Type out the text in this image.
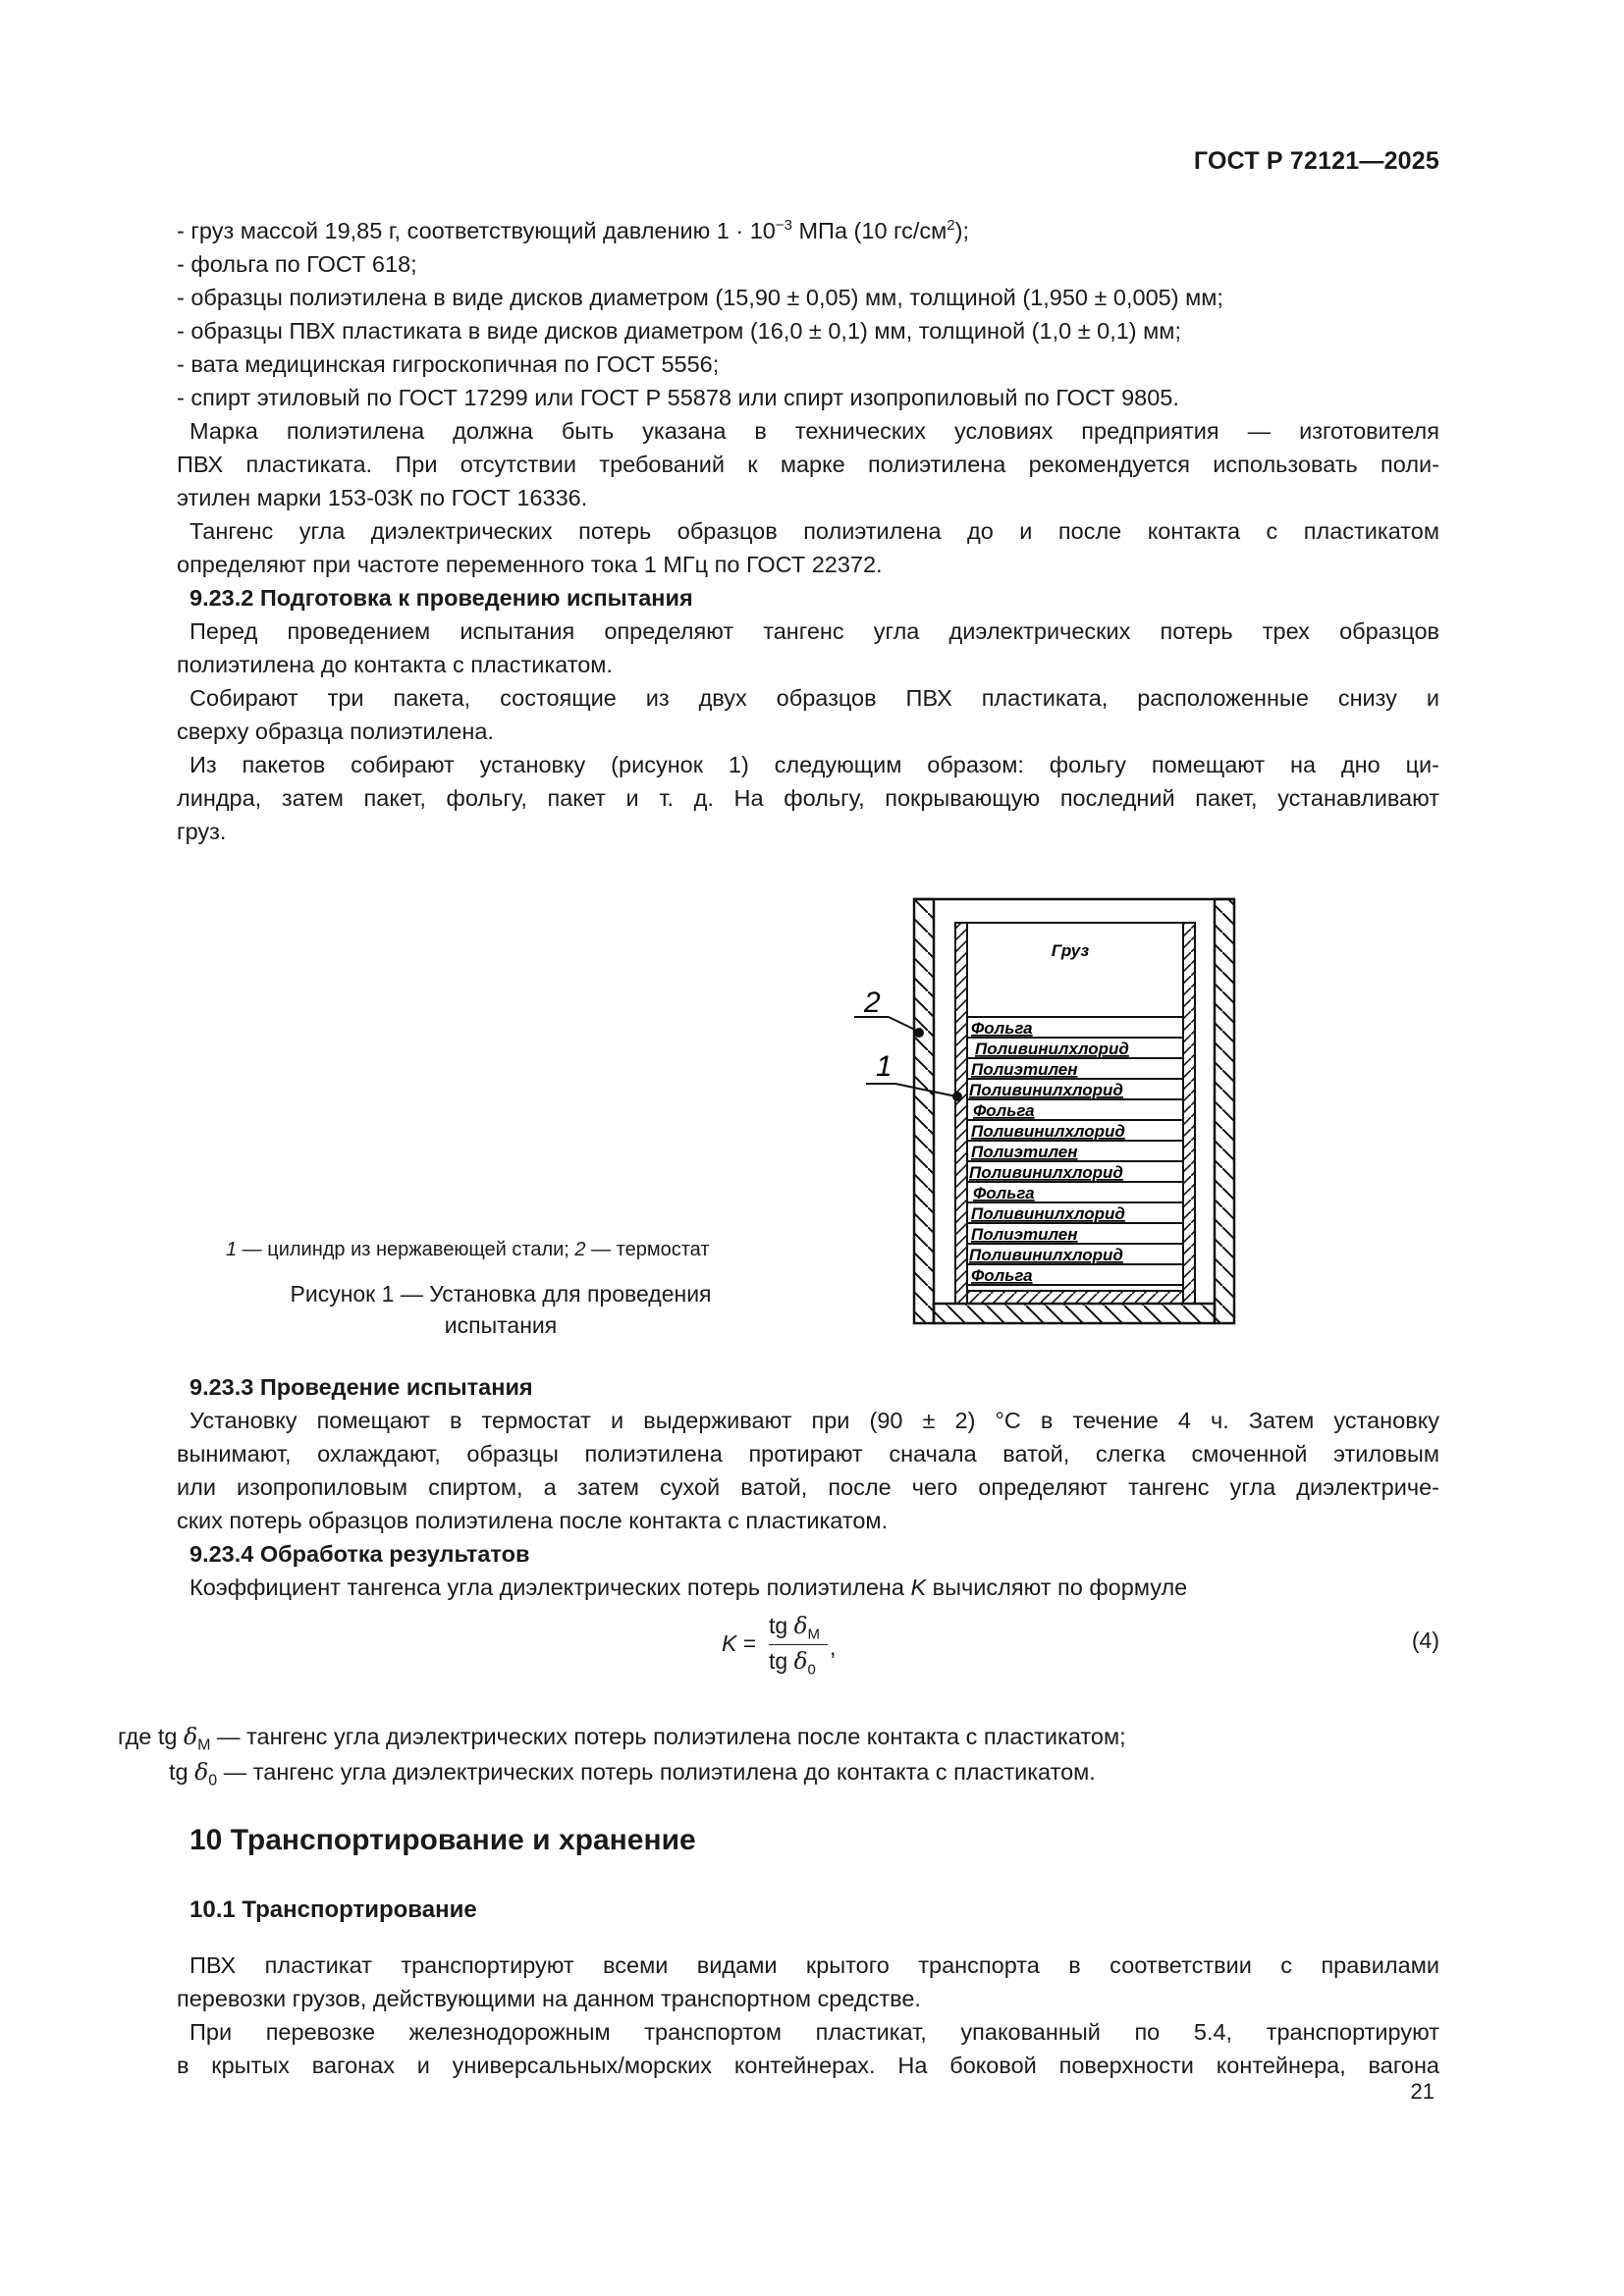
ГОСТ Р 72121—2025
- груз массой 19,85 г, соответствующий давлению $1 \cdot 10^{-3}$ МПа (10 $гс/см^2$);
- фольга по ГОСТ 618;
- образцы полиэтилена в виде дисков диаметром (15,90 ± 0,05) мм, толщиной (1,950 ± 0,005) мм;
- образцы ПВХ пластиката в виде дисков диаметром (16,0 ± 0,1) мм, толщиной (1,0 ± 0,1) мм;
- вата медицинская гигроскопичная по ГОСТ 5556;
- спирт этиловый по ГОСТ 17299 или ГОСТ Р 55878 или спирт изопропиловый по ГОСТ 9805.
Марка полиэтилена должна быть указана в технических условиях предприятия — изготовителя
ПВХ пластиката. При отсутствии требований к марке полиэтилена рекомендуется использовать поли-
этилен марки 153-03К по ГОСТ 16336.
Тангенс угла диэлектрических потерь образцов полиэтилена до и после контакта с пластикатом
определяют при частоте переменного тока 1 МГц по ГОСТ 22372.
9.23.2 Подготовка к проведению испытания
Перед проведением испытания определяют тангенс угла диэлектрических потерь трех образцов
полиэтилена до контакта с пластикатом.
Собирают три пакета, состоящие из двух образцов ПВХ пластиката, расположенные снизу и
сверху образца полиэтилена.
Из пакетов собирают установку (рисунок 1) следующим образом: фольгу помещают на дно ци-
линдра, затем пакет, фольгу, пакет и т. д. На фольгу, покрывающую последний пакет, устанавливают
груз.
Груз
Фольга
Поливинилхлорид
Полиэтилен
Поливинилхлорид
Фольга
Поливинилхлорид
Полиэтилен
Поливинилхлорид
Фольга
Поливинилхлорид
Полиэтилен
Поливинилхлорид
Фольга
2
1
1 — цилиндр из нержавеющей стали; 2 — термостат
Рисунок 1 — Установка для проведения
испытания
9.23.3 Проведение испытания
Установку помещают в термостат и выдерживают при (90 ± 2) °С в течение 4 ч. Затем установку
вынимают, охлаждают, образцы полиэтилена протирают сначала ватой, слегка смоченной этиловым
или изопропиловым спиртом, а затем сухой ватой, после чего определяют тангенс угла диэлектриче-
ских потерь образцов полиэтилена после контакта с пластикатом.
9.23.4 Обработка результатов
Коэффициент тангенса угла диэлектрических потерь полиэтилена K вычисляют по формуле
K =
tg $\delta_М$
tg $\delta_0$
,	(4)
где tg $\delta_М$ — тангенс угла диэлектрических потерь полиэтилена после контакта с пластикатом;
tg $\delta_0$ — тангенс угла диэлектрических потерь полиэтилена до контакта с пластикатом.
10 Транспортирование и хранение
10.1 Транспортирование
ПВХ пластикат транспортируют всеми видами крытого транспорта в соответствии с правилами
перевозки грузов, действующими на данном транспортном средстве.
При перевозке железнодорожным транспортом пластикат, упакованный по 5.4, транспортируют
в крытых вагонах и универсальных/морских контейнерах. На боковой поверхности контейнера, вагона
21
